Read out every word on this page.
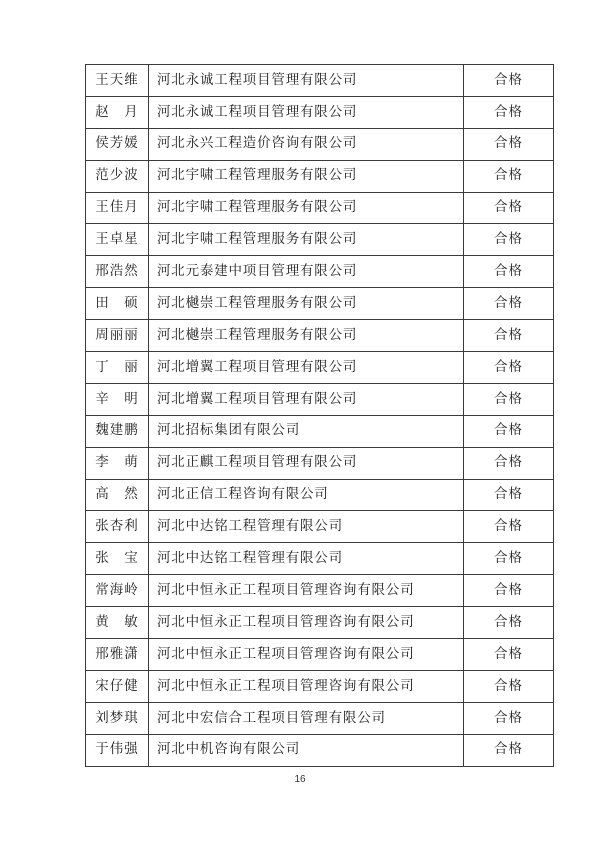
王天维	河北永诚工程项目管理有限公司	合格
赵　月	河北永诚工程项目管理有限公司	合格
侯芳媛	河北永兴工程造价咨询有限公司	合格
范少波	河北宇啸工程管理服务有限公司	合格
王佳月	河北宇啸工程管理服务有限公司	合格
王卓星	河北宇啸工程管理服务有限公司	合格
邢浩然	河北元泰建中项目管理有限公司	合格
田　硕	河北樾崇工程管理服务有限公司	合格
周丽丽	河北樾崇工程管理服务有限公司	合格
丁　丽	河北增翼工程项目管理有限公司	合格
辛　明	河北增翼工程项目管理有限公司	合格
魏建鹏	河北招标集团有限公司	合格
李　萌	河北正麒工程项目管理有限公司	合格
高　然	河北正信工程咨询有限公司	合格
张杏利	河北中达铭工程管理有限公司	合格
张　宝	河北中达铭工程管理有限公司	合格
常海岭	河北中恒永正工程项目管理咨询有限公司	合格
黄　敏	河北中恒永正工程项目管理咨询有限公司	合格
邢雅潇	河北中恒永正工程项目管理咨询有限公司	合格
宋仔健	河北中恒永正工程项目管理咨询有限公司	合格
刘梦琪	河北中宏信合工程项目管理有限公司	合格
于伟强	河北中机咨询有限公司	合格
16
